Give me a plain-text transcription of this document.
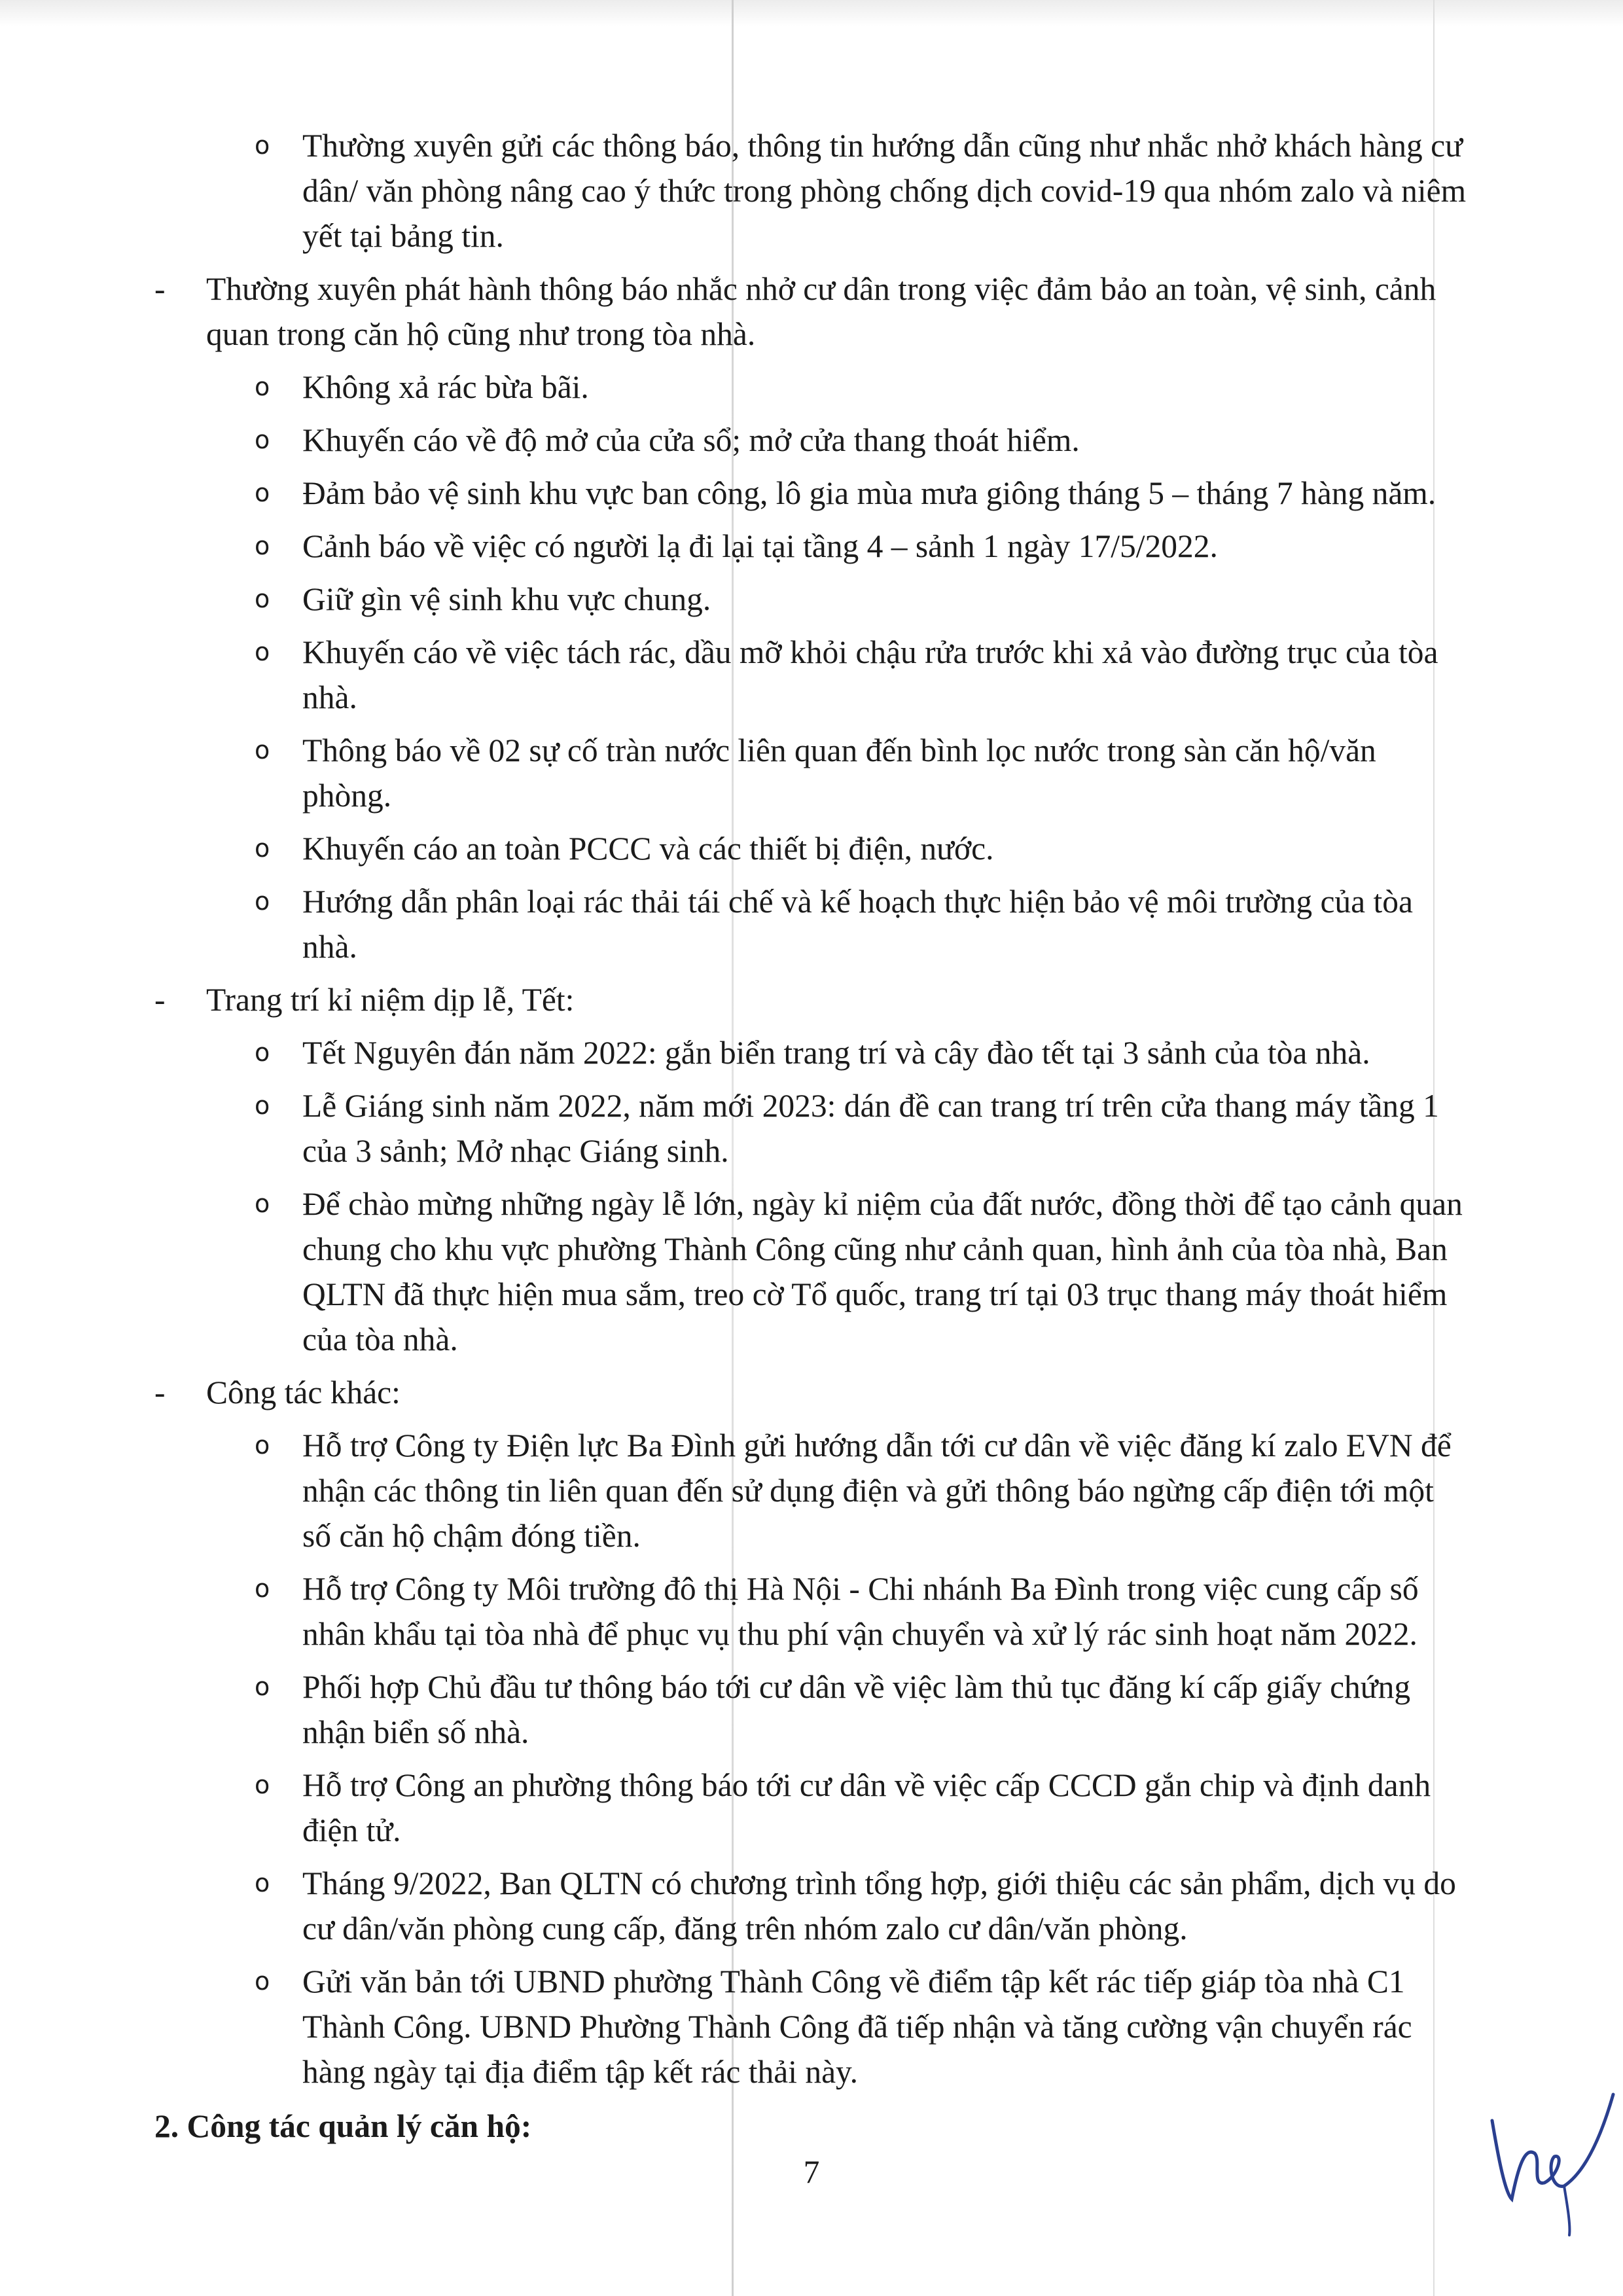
o Thường xuyên gửi các thông báo, thông tin hướng dẫn cũng như nhắc nhở khách hàng cư dân/ văn phòng nâng cao ý thức trong phòng chống dịch covid-19 qua nhóm zalo và niêm yết tại bảng tin.
- Thường xuyên phát hành thông báo nhắc nhở cư dân trong việc đảm bảo an toàn, vệ sinh, cảnh quan trong căn hộ cũng như trong tòa nhà.
o Không xả rác bừa bãi.
o Khuyến cáo về độ mở của cửa sổ; mở cửa thang thoát hiểm.
o Đảm bảo vệ sinh khu vực ban công, lô gia mùa mưa giông tháng 5 – tháng 7 hàng năm.
o Cảnh báo về việc có người lạ đi lại tại tầng 4 – sảnh 1 ngày 17/5/2022.
o Giữ gìn vệ sinh khu vực chung.
o Khuyến cáo về việc tách rác, dầu mỡ khỏi chậu rửa trước khi xả vào đường trục của tòa nhà.
o Thông báo về 02 sự cố tràn nước liên quan đến bình lọc nước trong sàn căn hộ/văn phòng.
o Khuyến cáo an toàn PCCC và các thiết bị điện, nước.
o Hướng dẫn phân loại rác thải tái chế và kế hoạch thực hiện bảo vệ môi trường của tòa nhà.
- Trang trí kỉ niệm dịp lễ, Tết:
o Tết Nguyên đán năm 2022: gắn biển trang trí và cây đào tết tại 3 sảnh của tòa nhà.
o Lễ Giáng sinh năm 2022, năm mới 2023: dán đề can trang trí trên cửa thang máy tầng 1 của 3 sảnh; Mở nhạc Giáng sinh.
o Để chào mừng những ngày lễ lớn, ngày kỉ niệm của đất nước, đồng thời để tạo cảnh quan chung cho khu vực phường Thành Công cũng như cảnh quan, hình ảnh của tòa nhà, Ban QLTN đã thực hiện mua sắm, treo cờ Tổ quốc, trang trí tại 03 trục thang máy thoát hiểm của tòa nhà.
- Công tác khác:
o Hỗ trợ Công ty Điện lực Ba Đình gửi hướng dẫn tới cư dân về việc đăng kí zalo EVN để nhận các thông tin liên quan đến sử dụng điện và gửi thông báo ngừng cấp điện tới một số căn hộ chậm đóng tiền.
o Hỗ trợ Công ty Môi trường đô thị Hà Nội - Chi nhánh Ba Đình trong việc cung cấp số nhân khẩu tại tòa nhà để phục vụ thu phí vận chuyển và xử lý rác sinh hoạt năm 2022.
o Phối hợp Chủ đầu tư thông báo tới cư dân về việc làm thủ tục đăng kí cấp giấy chứng nhận biển số nhà.
o Hỗ trợ Công an phường thông báo tới cư dân về việc cấp CCCD gắn chip và định danh điện tử.
o Tháng 9/2022, Ban QLTN có chương trình tổng hợp, giới thiệu các sản phẩm, dịch vụ do cư dân/văn phòng cung cấp, đăng trên nhóm zalo cư dân/văn phòng.
o Gửi văn bản tới UBND phường Thành Công về điểm tập kết rác tiếp giáp tòa nhà C1 Thành Công. UBND Phường Thành Công đã tiếp nhận và tăng cường vận chuyển rác hàng ngày tại địa điểm tập kết rác thải này.
2. Công tác quản lý căn hộ:
7
